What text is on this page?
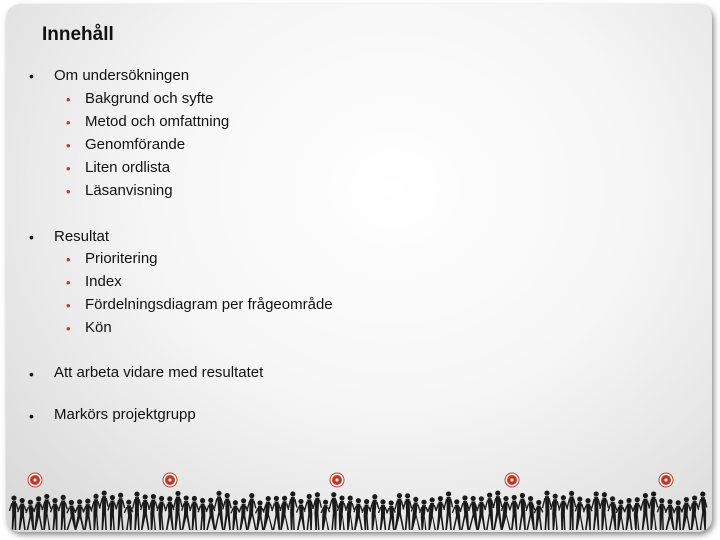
Innehåll
• Om undersökningen
• Bakgrund och syfte
• Metod och omfattning
• Genomförande
• Liten ordlista
• Läsanvisning
• Resultat
• Prioritering
• Index
• Fördelningsdiagram per frågeområde
• Kön
• Att arbeta vidare med resultatet
• Markörs projektgrupp
